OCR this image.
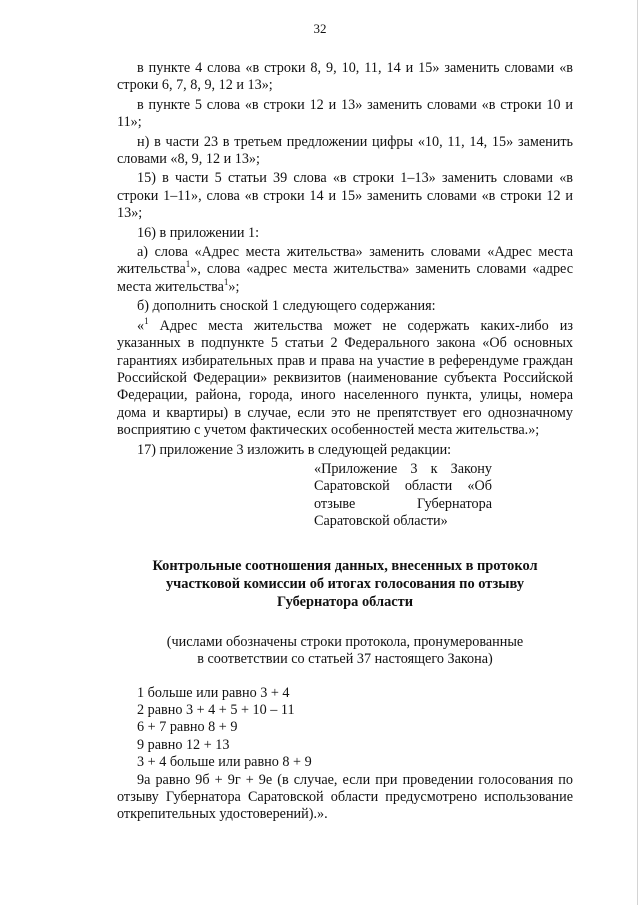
32

в пункте 4 слова «в строки 8, 9, 10, 11, 14 и 15» заменить словами «в строки 6, 7, 8, 9, 12 и 13»;

в пункте 5 слова «в строки 12 и 13» заменить словами «в строки 10 и 11»;

н) в части 23 в третьем предложении цифры «10, 11, 14, 15» заменить словами «8, 9, 12 и 13»;

15) в части 5 статьи 39 слова «в строки 1–13» заменить словами «в строки 1–11», слова «в строки 14 и 15» заменить словами «в строки 12 и 13»;

16) в приложении 1:

а) слова «Адрес места жительства» заменить словами «Адрес места жительства$^1$», слова «адрес места жительства» заменить словами «адрес места жительства$^1$»;

б) дополнить сноской 1 следующего содержания:

«$^1$ Адрес места жительства может не содержать каких-либо из указанных в подпункте 5 статьи 2 Федерального закона «Об основных гарантиях избирательных прав и права на участие в референдуме граждан Российской Федерации» реквизитов (наименование субъекта Российской Федерации, района, города, иного населенного пункта, улицы, номера дома и квартиры) в случае, если это не препятствует его однозначному восприятию с учетом фактических особенностей места жительства.»;

17) приложение 3 изложить в следующей редакции:

«Приложение 3 к Закону Саратовской области «Об отзыве Губернатора Саратовской области»

Контрольные соотношения данных, внесенных в протокол
участковой комиссии об итогах голосования по отзыву
Губернатора области
(числами обозначены строки протокола, пронумерованные
в соответствии со статьей 37 настоящего Закона)

1 больше или равно 3 + 4

2 равно 3 + 4 + 5 + 10 – 11

6 + 7 равно 8 + 9

9 равно 12 + 13

3 + 4 больше или равно 8 + 9

9а равно 9б + 9г + 9е (в случае, если при проведении голосования по отзыву Губернатора Саратовской области предусмотрено использование открепительных удостоверений).».
